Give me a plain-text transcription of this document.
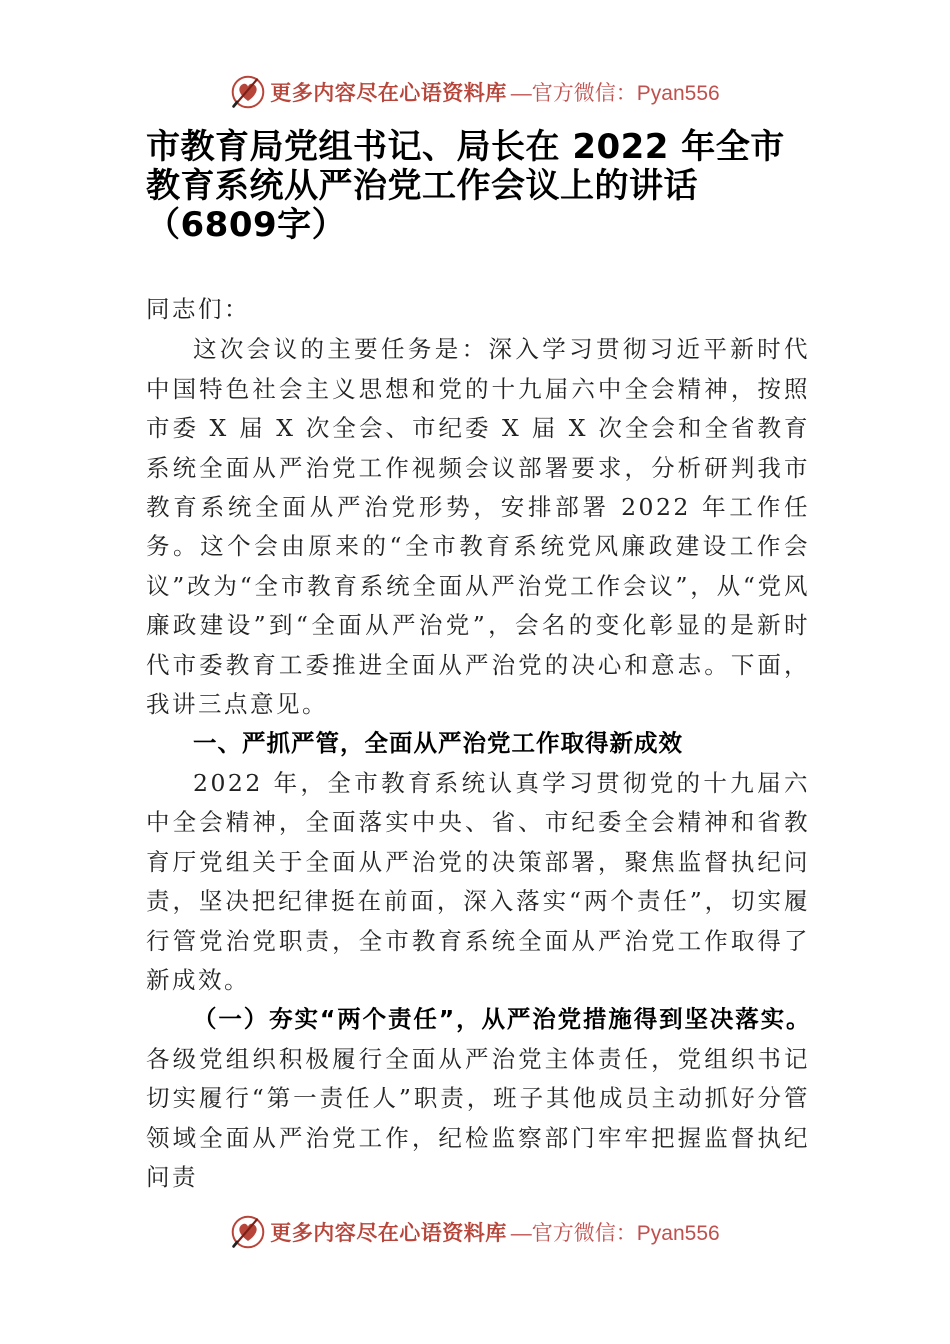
更多内容尽在心语资料库 —官方微信：Pyan556
市教育局党组书记、局长在 2022 年全市教育系统从严治党工作会议上的讲话（6809字）

同志们：

这次会议的主要任务是：深入学习贯彻习近平新时代中国特色社会主义思想和党的十九届六中全会精神，按照市委 X 届 X 次全会、市纪委 X 届 X 次全会和全省教育系统全面从严治党工作视频会议部署要求，分析研判我市教育系统全面从严治党形势，安排部署 2022 年工作任务。这个会由原来的“全市教育系统党风廉政建设工作会议”改为“全市教育系统全面从严治党工作会议”，从“党风廉政建设”到“全面从严治党”，会名的变化彰显的是新时代市委教育工委推进全面从严治党的决心和意志。下面，我讲三点意见。

一、严抓严管，全面从严治党工作取得新成效

2022 年，全市教育系统认真学习贯彻党的十九届六中全会精神，全面落实中央、省、市纪委全会精神和省教育厅党组关于全面从严治党的决策部署，聚焦监督执纪问责，坚决把纪律挺在前面，深入落实“两个责任”，切实履行管党治党职责，全市教育系统全面从严治党工作取得了新成效。

（一）夯实“两个责任”，从严治党措施得到坚决落实。 各级党组织积极履行全面从严治党主体责任，党组织书记切实履行“第一责任人”职责，班子其他成员主动抓好分管领域全面从严治党工作，纪检监察部门牢牢把握监督执纪问责

更多内容尽在心语资料库 —官方微信：Pyan556
